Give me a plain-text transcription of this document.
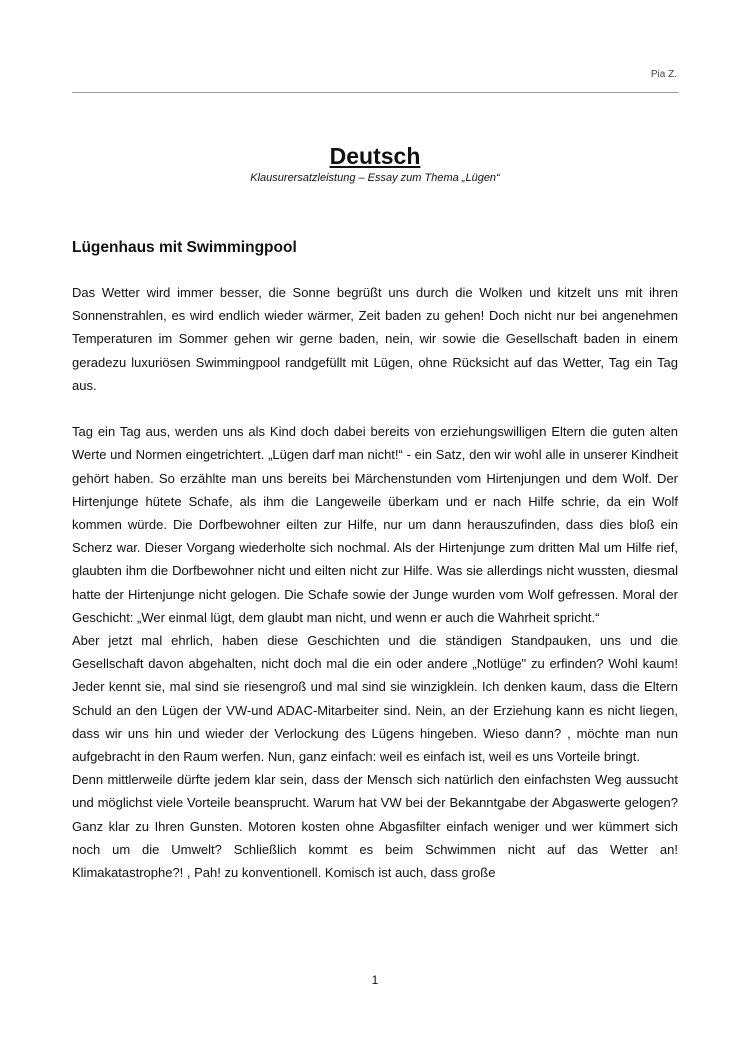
Pia Z.
Deutsch
Klausurersatzleistung – Essay zum Thema „Lügen“
Lügenhaus mit Swimmingpool

Das Wetter wird immer besser, die Sonne begrüßt uns durch die Wolken und kitzelt uns mit ihren Sonnenstrahlen, es wird endlich wieder wärmer, Zeit baden zu gehen! Doch nicht nur bei angenehmen Temperaturen im Sommer gehen wir gerne baden, nein, wir sowie die Gesellschaft baden in einem geradezu luxuriösen Swimmingpool randgefüllt mit Lügen, ohne Rücksicht auf das Wetter, Tag ein Tag aus.

Tag ein Tag aus, werden uns als Kind doch dabei bereits von erziehungswilligen Eltern die guten alten Werte und Normen eingetrichtert. „Lügen darf man nicht!“ - ein Satz, den wir wohl alle in unserer Kindheit gehört haben. So erzählte man uns bereits bei Märchenstunden vom Hirtenjungen und dem Wolf. Der Hirtenjunge hütete Schafe, als ihm die Langeweile überkam und er nach Hilfe schrie, da ein Wolf kommen würde. Die Dorfbewohner eilten zur Hilfe, nur um dann herauszufinden, dass dies bloß ein Scherz war. Dieser Vorgang wiederholte sich nochmal. Als der Hirtenjunge zum dritten Mal um Hilfe rief, glaubten ihm die Dorfbewohner nicht und eilten nicht zur Hilfe. Was sie allerdings nicht wussten, diesmal hatte der Hirtenjunge nicht gelogen. Die Schafe sowie der Junge wurden vom Wolf gefressen. Moral der Geschicht: „Wer einmal lügt, dem glaubt man nicht, und wenn er auch die Wahrheit spricht.“

Aber jetzt mal ehrlich, haben diese Geschichten und die ständigen Standpauken, uns und die Gesellschaft davon abgehalten, nicht doch mal die ein oder andere „Notlüge" zu erfinden? Wohl kaum! Jeder kennt sie, mal sind sie riesengroß und mal sind sie winzigklein. Ich denken kaum, dass die Eltern Schuld an den Lügen der VW-und ADAC-Mitarbeiter sind. Nein, an der Erziehung kann es nicht liegen, dass wir uns hin und wieder der Verlockung des Lügens hingeben. Wieso dann? , möchte man nun aufgebracht in den Raum werfen. Nun, ganz einfach: weil es einfach ist, weil es uns Vorteile bringt.

Denn mittlerweile dürfte jedem klar sein, dass der Mensch sich natürlich den einfachsten Weg aussucht und möglichst viele Vorteile beansprucht. Warum hat VW bei der Bekanntgabe der Abgaswerte gelogen? Ganz klar zu Ihren Gunsten. Motoren kosten ohne Abgasfilter einfach weniger und wer kümmert sich noch um die Umwelt? Schließlich kommt es beim Schwimmen nicht auf das Wetter an! Klimakatastrophe?! , Pah! zu konventionell. Komisch ist auch, dass große

1
